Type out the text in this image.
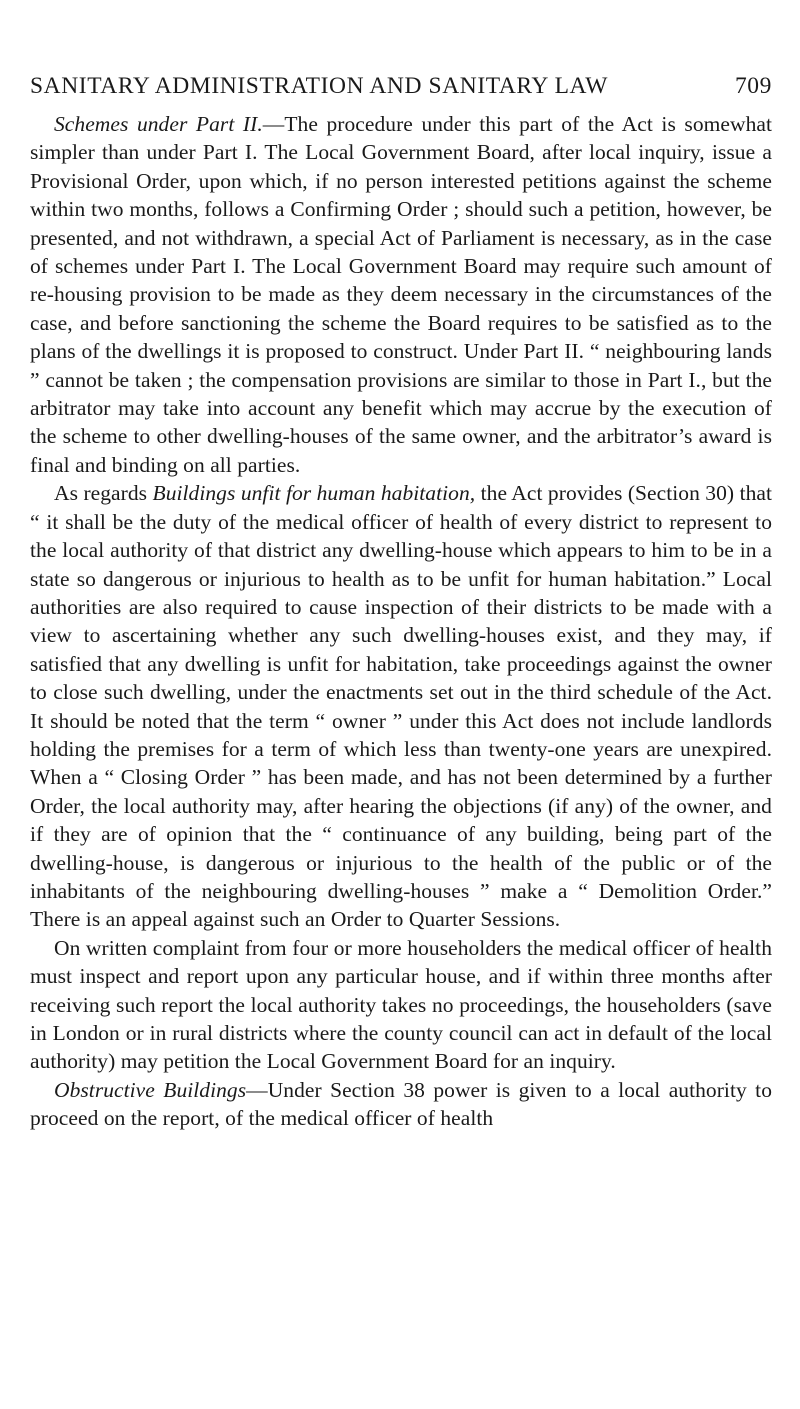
SANITARY ADMINISTRATION AND SANITARY LAW	709

Schemes under Part II.—The procedure under this part of the Act is somewhat simpler than under Part I. The Local Government Board, after local inquiry, issue a Provisional Order, upon which, if no person interested petitions against the scheme within two months, follows a Confirming Order ; should such a petition, however, be presented, and not withdrawn, a special Act of Parliament is necessary, as in the case of schemes under Part I. The Local Government Board may require such amount of re-housing provision to be made as they deem necessary in the circumstances of the case, and before sanctioning the scheme the Board requires to be satisfied as to the plans of the dwellings it is proposed to construct. Under Part II. “ neighbouring lands ” cannot be taken ; the compensation provisions are similar to those in Part I., but the arbitrator may take into account any benefit which may accrue by the execution of the scheme to other dwelling-houses of the same owner, and the arbitrator’s award is final and binding on all parties.

As regards Buildings unfit for human habitation, the Act provides (Section 30) that “ it shall be the duty of the medical officer of health of every district to represent to the local authority of that district any dwelling-house which appears to him to be in a state so dangerous or injurious to health as to be unfit for human habitation.” Local authorities are also required to cause inspection of their districts to be made with a view to ascertaining whether any such dwelling-houses exist, and they may, if satisfied that any dwelling is unfit for habitation, take proceedings against the owner to close such dwelling, under the enactments set out in the third schedule of the Act. It should be noted that the term “ owner ” under this Act does not include landlords holding the premises for a term of which less than twenty-one years are unexpired. When a “ Closing Order ” has been made, and has not been determined by a further Order, the local authority may, after hearing the objections (if any) of the owner, and if they are of opinion that the “ continuance of any building, being part of the dwelling-house, is dangerous or injurious to the health of the public or of the inhabitants of the neighbouring dwelling-houses ” make a “ Demolition Order.” There is an appeal against such an Order to Quarter Sessions.

On written complaint from four or more householders the medical officer of health must inspect and report upon any particular house, and if within three months after receiving such report the local authority takes no proceedings, the householders (save in London or in rural districts where the county council can act in default of the local authority) may petition the Local Government Board for an inquiry.

Obstructive Buildings—Under Section 38 power is given to a local authority to proceed on the report, of the medical officer of health
